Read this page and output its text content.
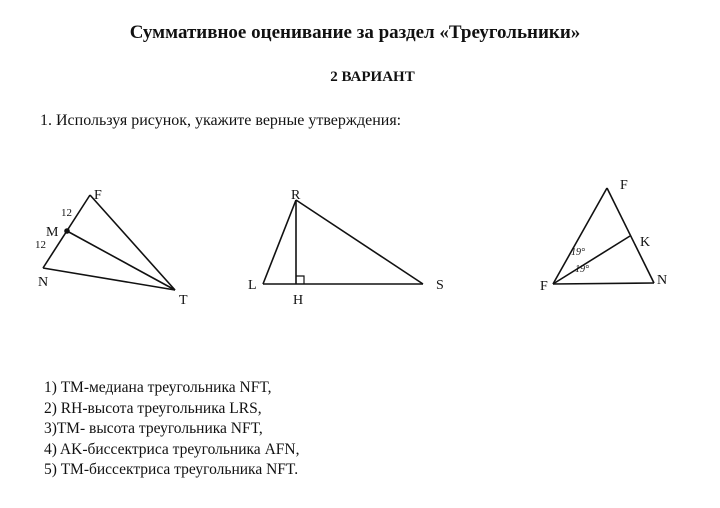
Суммативное оценивание за раздел «Треугольники»
2 ВАРИАНТ
1. Используя рисунок, укажите верные утверждения:
F
M
N
T
12
12
R
L
H
S
F
K
F	N
19°
19°
1) ТМ-медиана треугольника NFT,
2) RH-высота треугольника LRS,
3)ТМ- высота треугольника NFT,
4) AK-биссектриса треугольника AFN,
5) ТМ-биссектриса треугольника NFT.
